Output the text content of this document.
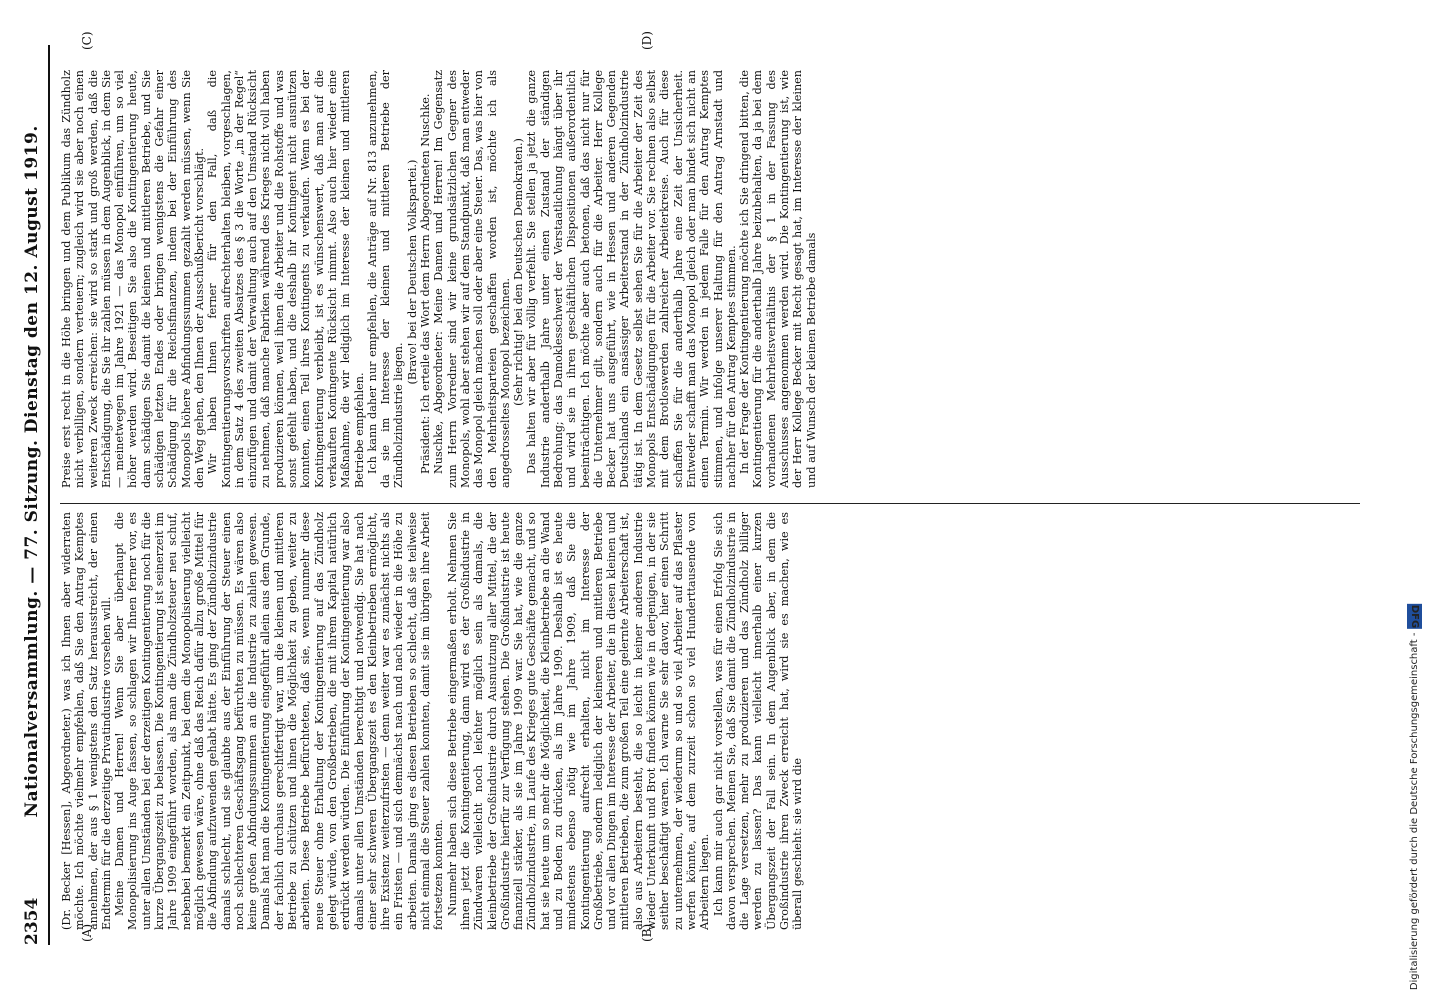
2354
Nationalversammlung. — 77. Sitzung. Dienstag den 12. August 1919.
(A)	(B)
(C)	(D)

(Dr. Becker [Hessen], Abgeordneter.) was ich Ihnen aber widerraten möchte. Ich möchte vielmehr empfehlen, daß Sie den Antrag Kemptes annehmen, der aus § 1 wenigstens den Satz herausstreicht, der einen Endtermin für die derzeitige Privatindustrie vorsehen will. Meine Damen und Herren! Wenn Sie aber überhaupt die Monopolisierung ins Auge fassen, so schlagen wir Ihnen ferner vor, es unter allen Umständen bei der derzeitigen Kontingentierung noch für die kurze Übergangszeit zu belassen. Die Kontingentierung ist seinerzeit im Jahre 1909 eingeführt worden, als man die Zündholzsteuer neu schuf, nebenbei bemerkt ein Zeitpunkt, bei dem die Monopolisierung vielleicht möglich gewesen wäre, ohne daß das Reich dafür allzu große Mittel für die Abfindung aufzuwenden gehabt hätte. Es ging der Zündholzindustrie damals schlecht, und sie glaubte aus der Einführung der Steuer einen noch schlechteren Geschäftsgang befürchten zu müssen. Es wären also keine großen Abfindungssummen an die Industrie zu zahlen gewesen. Damals hat man die Kontingentierung eingeführt allein aus dem Grunde, der fachlich durchaus gerechtfertigt war, um die kleinen und mittleren Betriebe zu schützen und ihnen die Möglichkeit zu geben, weiter zu arbeiten. Diese Betriebe befürchteten, daß sie, wenn nunmehr diese neue Steuer ohne Erhaltung der Kontingentierung auf das Zündholz gelegt würde, von den Großbetrieben, die mit ihrem Kapital natürlich erdrückt werden würden. Die Einführung der Kontingentierung war also damals unter allen Umständen berechtigt und notwendig. Sie hat nach einer sehr schweren Übergangszeit es den Kleinbetrieben ermöglicht, ihre Existenz weiterzufristen — denn weiter war es zunächst nichts als ein Fristen — und sich demnächst nach und nach wieder in die Höhe zu arbeiten. Damals ging es diesen Betrieben so schlecht, daß sie teilweise nicht einmal die Steuer zahlen konnten, damit sie im übrigen ihre Arbeit fortsetzen konnten. Nunmehr haben sich diese Betriebe eingermaßen erholt. Nehmen Sie ihnen jetzt die Kontingentierung, dann wird es der Großindustrie in Zündwaren vielleicht noch leichter möglich sein als damals, die kleinbetriebe der Großindustrie durch Ausnutzung aller Mittel, die der Großindustrie hierfür zur Verfügung stehen. Die Großindustrie ist heute finanziell stärker, als sie im Jahre 1909 war. Sie hat, wie die ganze Zündholzindustrie, im Laufe des Krieges gute Geschäfte gemacht, und so hat sie heute um so mehr die Möglichkeit, die Kleinbetriebe an die Wand und zu Boden zu drücken, als im Jahre 1909. Deshalb ist es heute mindestens ebenso nötig wie im Jahre 1909, daß Sie die Kontingentierung aufrecht erhalten, nicht im Interesse der Großbetriebe, sondern lediglich der kleineren und mittleren Betriebe und vor allen Dingen im Interesse der Arbeiter, die in diesen kleinen und mittleren Betrieben, die zum großen Teil eine gelernte Arbeiterschaft ist, also aus Arbeitern besteht, die so leicht in keiner anderen Industrie wieder Unterkunft und Brot finden können wie in derjenigen, in der sie seither beschäftigt waren. Ich warne Sie sehr davor, hier einen Schritt zu unternehmen, der wiederum so und so viel Arbeiter auf das Pflaster werfen könnte, auf dem zurzeit schon so viel Hunderttausende von Arbeitern liegen. Ich kann mir auch gar nicht vorstellen, was für einen Erfolg Sie sich davon versprechen. Meinen Sie, daß Sie damit die Zündholzindustrie in die Lage versetzen, mehr zu produzieren und das Zündholz billiger werden zu lassen? Das kann vielleicht innerhalb einer kurzen Übergangszeit der Fall sein. In dem Augenblick aber, in dem die Großindustrie ihren Zweck erreicht hat, wird sie es machen, wie es überall geschieht: sie wird die

Preise erst recht in die Höhe bringen und dem Publikum das Zündholz nicht verbilligen, sondern verteuern; zugleich wird sie aber noch einen weiteren Zweck erreichen: sie wird so stark und groß werden, daß die Entschädigung, die Sie ihr zahlen müssen in dem Augenblick, in dem Sie — meinetwegen im Jahre 1921 — das Monopol einführen, um so viel höher werden wird. Beseitigen Sie also die Kontingentierung heute, dann schädigen Sie damit die kleinen und mittleren Betriebe, und Sie schädigen letzten Endes oder bringen wenigstens die Gefahr einer Schädigung für die Reichsfinanzen, indem bei der Einführung des Monopols höhere Abfindungssummen gezahlt werden müssen, wenn Sie den Weg gehen, den Ihnen der Ausschußbericht vorschlägt. Wir haben Ihnen ferner für den Fall, daß die Kontingentierungsvorschriften aufrechterhalten bleiben, vorgeschlagen, in dem Satz 4 des zweiten Absatzes des § 3 die Worte „in der Regel“ einzufügen und damit der Verwaltung auch auf den Umstand Rücksicht zu nehmen, daß manche Fabriken während des Krieges nicht voll haben produzieren können, weil ihnen die Arbeiter und die Rohstoffe und was sonst gefehlt haben, und die deshalb ihr Kontingent nicht ausnützen konnten, einen Teil ihres Kontingents zu verkaufen. Wenn es bei der Kontingentierung verbleibt, ist es wünschenswert, daß man auf die verkauften Kontingente Rücksicht nimmt. Also auch hier wieder eine Maßnahme, die wir lediglich im Interesse der kleinen und mittleren Betriebe empfehlen. Ich kann daher nur empfehlen, die Anträge auf Nr. 813 anzunehmen, da sie im Interesse der kleinen und mittleren Betriebe der Zündholzindustrie liegen.

(Bravo! bei der Deutschen Volkspartei.) Präsident: Ich erteile das Wort dem Herrn Abgeordneten Nuschke. Nuschke, Abgeordneter: Meine Damen und Herren! Im Gegensatz zum Herrn Vorredner sind wir keine grundsätzlichen Gegner des Monopols, wohl aber stehen wir auf dem Standpunkt, daß man entweder das Monopol gleich machen soll oder aber eine Steuer. Das, was hier von den Mehrheitsparteien geschaffen worden ist, möchte ich als angedrosseltes Monopol bezeichnen. (Sehr richtig! bei den Deutschen Demokraten.) Das halten wir aber für völlig verfehlt. Sie stellen ja jetzt die ganze Industrie anderthalb Jahre unter einen Zustand der ständigen Bedrohung; das Damoklesschwert der Verstaatlichung hängt über ihr und wird sie in ihren geschäftlichen Dispositionen außerordentlich beeinträchtigen. Ich möchte aber auch betonen, daß das nicht nur für die Unternehmer gilt, sondern auch für die Arbeiter. Herr Kollege Becker hat uns ausgeführt, wie in Hessen und anderen Gegenden Deutschlands ein ansässiger Arbeiterstand in der Zündholzindustrie tätig ist. In dem Gesetz selbst sehen Sie für die Arbeiter der Zeit des Monopols Entschädigungen für die Arbeiter vor. Sie rechnen also selbst mit dem Brotloswerden zahlreicher Arbeiterkreise. Auch für diese schaffen Sie für die anderthalb Jahre eine Zeit der Unsicherheit. Entweder schafft man das Monopol gleich oder man bindet sich nicht an einen Termin. Wir werden in jedem Falle für den Antrag Kemptes stimmen, und infolge unserer Haltung für den Antrag Arnstadt und nachher für den Antrag Kemptes stimmen. In der Frage der Kontingentierung möchte ich Sie dringend bitten, die Kontingentierung für die anderthalb Jahre beizubehalten, da ja bei dem vorhandenen Mehrheitsverhältnis der § 1 in der Fassung des Ausschusses angenommen werden wird. Die Kontingentierung ist, wie der Herr Kollege Becker mit Recht gesagt hat, im Interesse der kleinen und auf Wunsch der kleinen Betriebe damals

Digitalisierung gefördert durch die Deutsche Forschungsgemeinschaft - DFG
